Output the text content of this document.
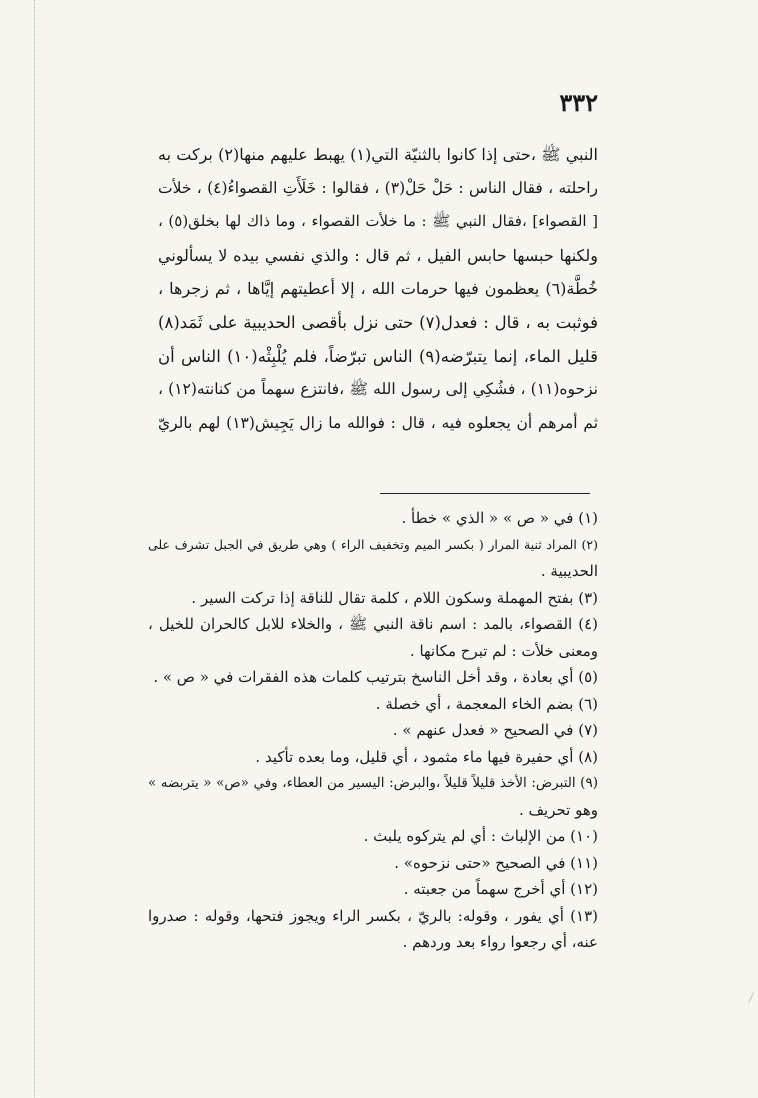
٣٣٢

النبي ﷺ ،حتى إذا كانوا بالثنيّة التي(١) يهبط عليهم منها(٢) بركت به
راحلته ، فقال الناس : حَلْ حَلْ(٣) ، فقالوا : خَلَأَتِ القصواءُ(٤) ، خلأت
[ القصواء] ،فقال النبي ﷺ : ما خلأت القصواء ، وما ذاك لها بخلق(٥) ،
ولكنها حبسها حابس الفيل ، ثم قال : والذي نفسي بيده لا يسألوني
خُطَّة(٦) يعظمون فيها حرمات الله ، إلا أعطيتهم إيَّاها ، ثم زجرها ،
فوثبت به ، قال : فعدل(٧) حتى نزل بأقصى الحديبية على ثَمَد(٨)
قليل الماء، إنما يتبرّضه(٩) الناس تبرّضاً، فلم يُلْبِثْه(١٠) الناس أن
نزحوه(١١) ، فشُكِي إلى رسول الله ﷺ ،فانتزع سهماً من كنانته(١٢) ،
ثم أمرهم أن يجعلوه فيه ، قال : فوالله ما زال يَجِيش(١٣) لهم بالريّ
(١) في « ص » « الذي » خطأ .
(٢) المراد ثنية المرار ( بكسر الميم وتخفيف الراء ) وهي طريق في الجبل تشرف على
الحديبية .
(٣) بفتح المهملة وسكون اللام ، كلمة تقال للناقة إذا تركت السير .
(٤) القصواء، بالمد : اسم ناقة النبي ﷺ ، والخلاء للابل كالحران للخيل ،
ومعنى خلأت : لم تبرح مكانها .
(٥) أي بعادة ، وقد أخل الناسخ بترتيب كلمات هذه الفقرات في « ص » .
(٦) بضم الخاء المعجمة ، أي خصلة .
(٧) في الصحيح « فعدل عنهم » .
(٨) أي حفيرة فيها ماء مثمود ، أي قليل، وما بعده تأكيد .
(٩) التبرض: الأخذ قليلاً قليلاً ،والبرض: اليسير من العطاء، وفي «ص» « يتربضه »
وهو تحريف .
(١٠) من الإلباث : أي لم يتركوه يلبث .
(١١) في الصحيح «حتى نزحوه» .
(١٢) أي أخرج سهماً من جعبته .
(١٣) أي يفور ، وقوله: بالريّ ، بكسر الراء ويجوز فتحها، وقوله : صدروا
عنه، أي رجعوا رواء بعد وردهم .
